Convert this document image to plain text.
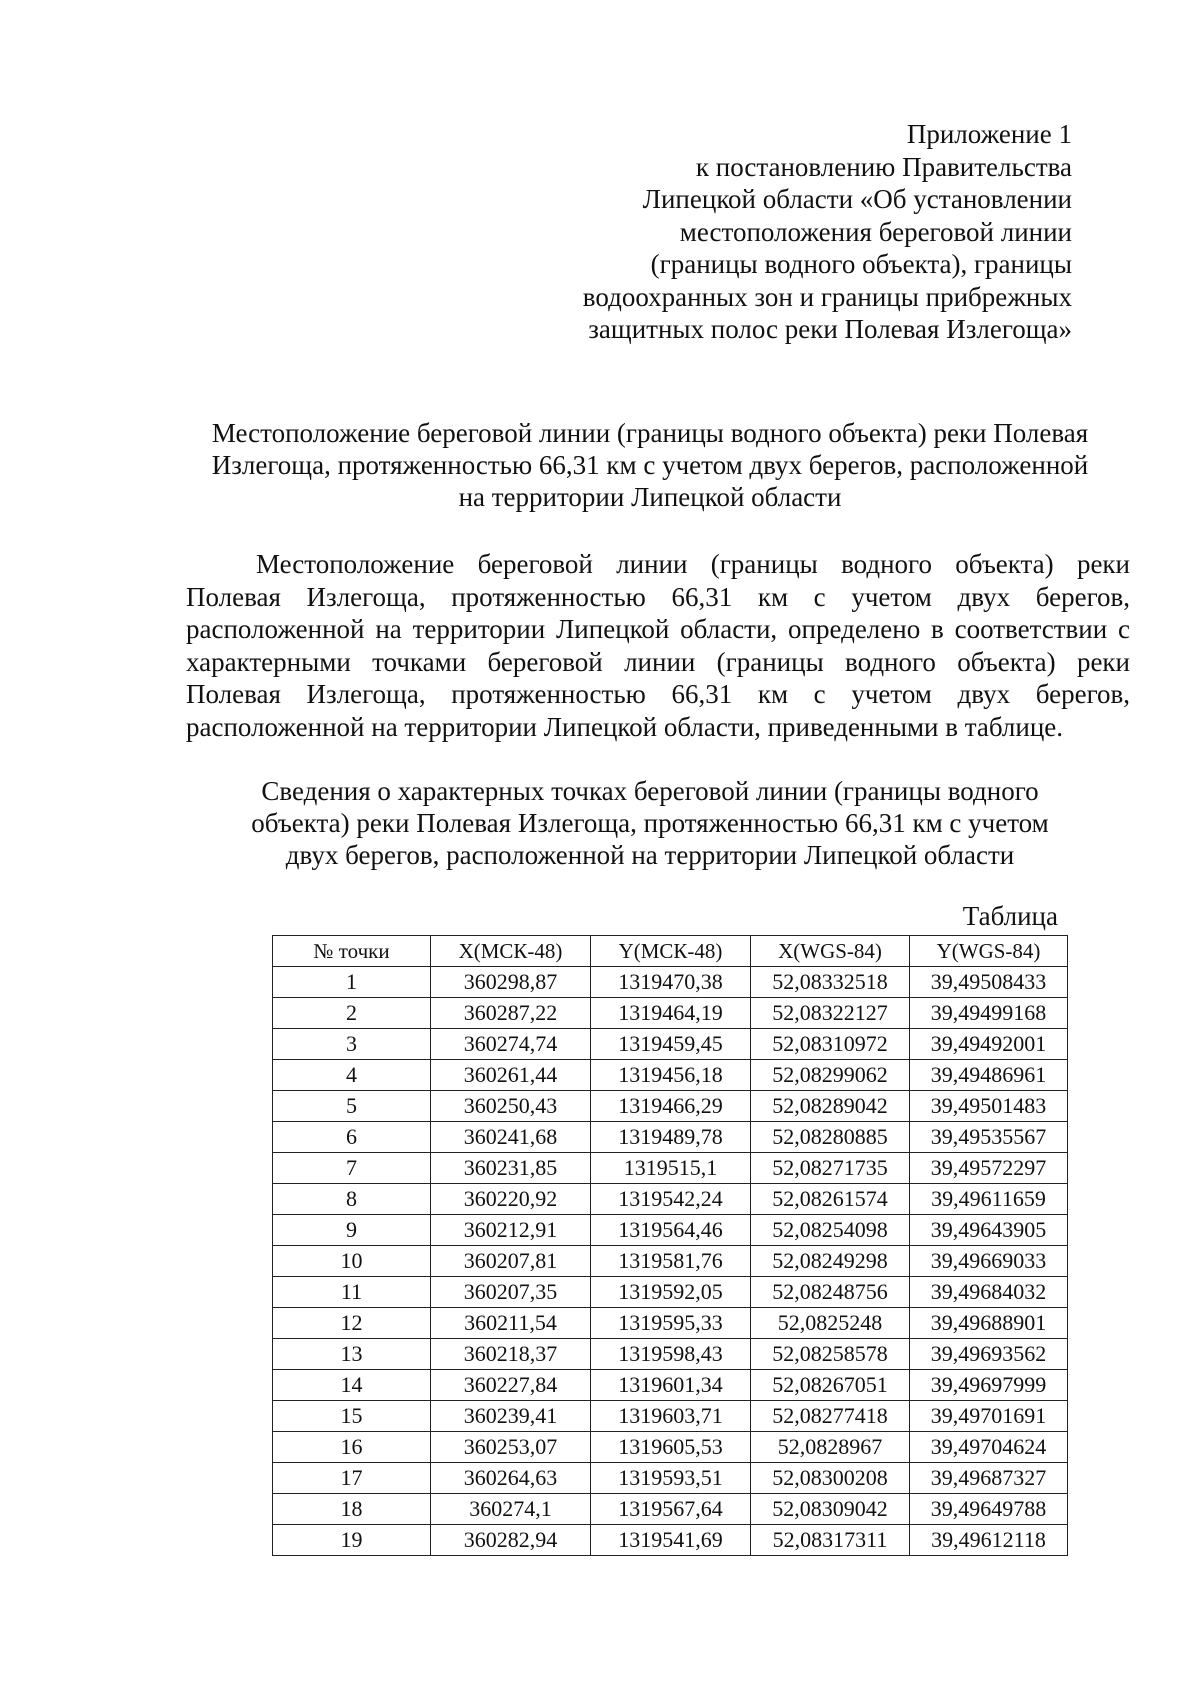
Приложение 1
к постановлению Правительства
Липецкой области «Об установлении
местоположения береговой линии
(границы водного объекта), границы
водоохранных зон и границы прибрежных
защитных полос реки Полевая Излегоща»
Местоположение береговой линии (границы водного объекта) реки Полевая
Излегоща, протяженностью 66,31 км с учетом двух берегов, расположенной
на территории Липецкой области
Местоположение береговой линии (границы водного объекта) реки
Полевая Излегоща, протяженностью 66,31 км с учетом двух берегов,
расположенной на территории Липецкой области, определено в соответствии с
характерными точками береговой линии (границы водного объекта) реки
Полевая Излегоща, протяженностью 66,31 км с учетом двух берегов,
расположенной на территории Липецкой области, приведенными в таблице.
Сведения о характерных точках береговой линии (границы водного
объекта) реки Полевая Излегоща, протяженностью 66,31 км с учетом
двух берегов, расположенной на территории Липецкой области
Таблица
№ точки	X(МСК-48)	Y(МСК-48)	X(WGS-84)	Y(WGS-84)
1	360298,87	1319470,38	52,08332518	39,49508433
2	360287,22	1319464,19	52,08322127	39,49499168
3	360274,74	1319459,45	52,08310972	39,49492001
4	360261,44	1319456,18	52,08299062	39,49486961
5	360250,43	1319466,29	52,08289042	39,49501483
6	360241,68	1319489,78	52,08280885	39,49535567
7	360231,85	1319515,1	52,08271735	39,49572297
8	360220,92	1319542,24	52,08261574	39,49611659
9	360212,91	1319564,46	52,08254098	39,49643905
10	360207,81	1319581,76	52,08249298	39,49669033
11	360207,35	1319592,05	52,08248756	39,49684032
12	360211,54	1319595,33	52,0825248	39,49688901
13	360218,37	1319598,43	52,08258578	39,49693562
14	360227,84	1319601,34	52,08267051	39,49697999
15	360239,41	1319603,71	52,08277418	39,49701691
16	360253,07	1319605,53	52,0828967	39,49704624
17	360264,63	1319593,51	52,08300208	39,49687327
18	360274,1	1319567,64	52,08309042	39,49649788
19	360282,94	1319541,69	52,08317311	39,49612118
